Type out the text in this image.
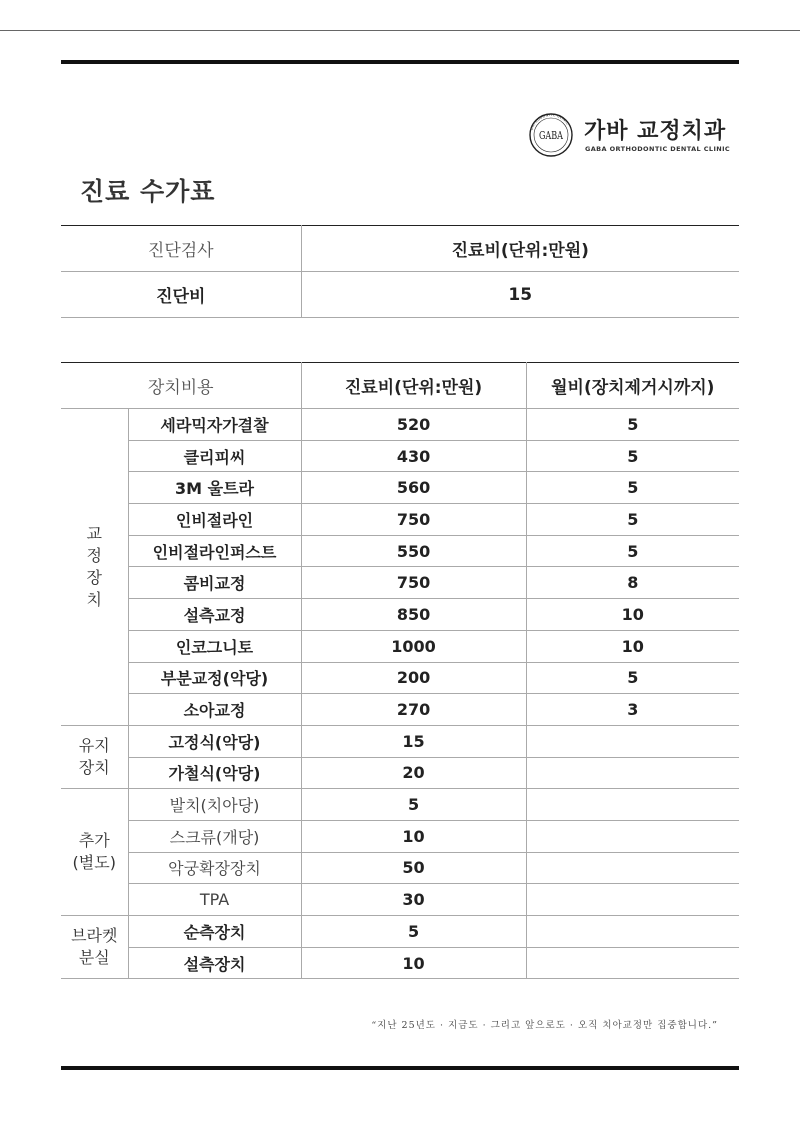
ORTHODONTIC CLINIC
GABA 가바 교정치과
GABA ORTHODONTIC DENTAL CLINIC
진료 수가표
진단검사	진료비(단위:만원)
진단비	15
장치비용		진료비(단위:만원)	월비(장치제거시까지)
교
정
장
치	세라믹자가결찰	520	5
	클리피씨	430	5
	3M 울트라	560	5
	인비절라인	750	5
	인비절라인퍼스트	550	5
	콤비교정	750	8
	설측교정	850	10
	인코그니토	1000	10
	부분교정(악당)	200	5
	소아교정	270	3
유지
장치	고정식(악당)	15	
	가철식(악당)	20	
추가
(별도)	발치(치아당)	5	
	스크류(개당)	10	
	악궁확장장치	50	
	TPA	30	
브라켓
분실	순측장치	5	
	설측장치	10	
“지난 25년도 · 지금도 · 그리고 앞으로도 · 오직 치아교정만 집중합니다.”
